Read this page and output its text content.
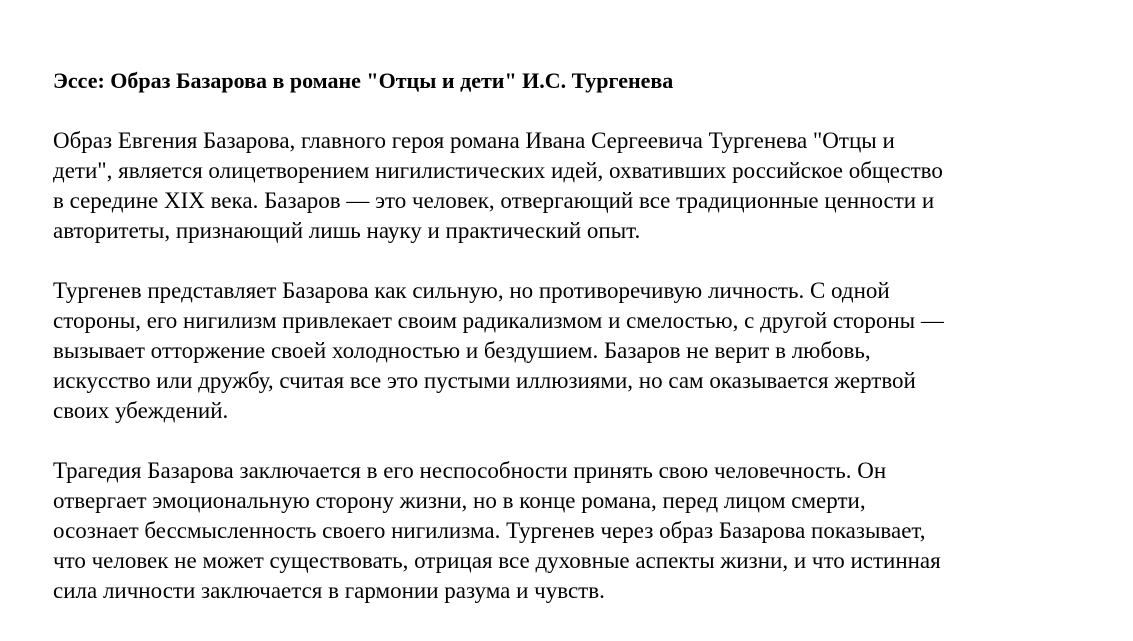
Эссе: Образ Базарова в романе "Отцы и дети" И.С. Тургенева

Образ Евгения Базарова, главного героя романа Ивана Сергеевича Тургенева "Отцы и
дети", является олицетворением нигилистических идей, охвативших российское общество
в середине XIX века. Базаров — это человек, отвергающий все традиционные ценности и
авторитеты, признающий лишь науку и практический опыт.

Тургенев представляет Базарова как сильную, но противоречивую личность. С одной
стороны, его нигилизм привлекает своим радикализмом и смелостью, с другой стороны —
вызывает отторжение своей холодностью и бездушием. Базаров не верит в любовь,
искусство или дружбу, считая все это пустыми иллюзиями, но сам оказывается жертвой
своих убеждений.

Трагедия Базарова заключается в его неспособности принять свою человечность. Он
отвергает эмоциональную сторону жизни, но в конце романа, перед лицом смерти,
осознает бессмысленность своего нигилизма. Тургенев через образ Базарова показывает,
что человек не может существовать, отрицая все духовные аспекты жизни, и что истинная
сила личности заключается в гармонии разума и чувств.
